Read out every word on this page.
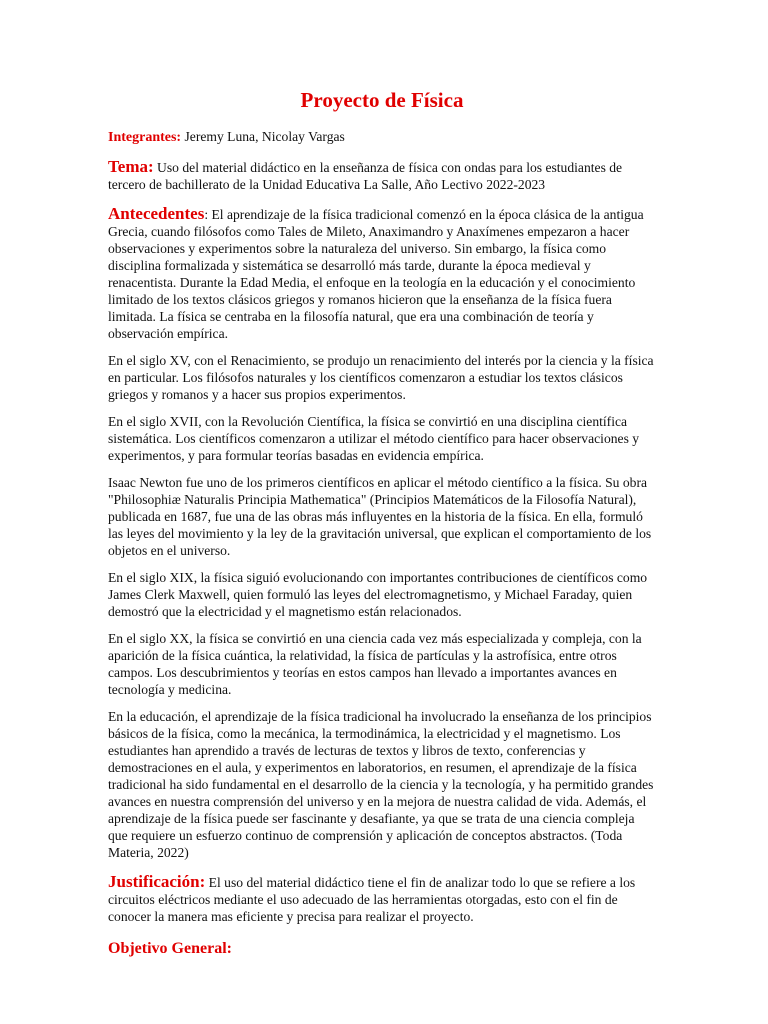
Proyecto de Física

Integrantes: Jeremy Luna, Nicolay Vargas

Tema: Uso del material didáctico en la enseñanza de física con ondas para los estudiantes de tercero de bachillerato de la Unidad Educativa La Salle, Año Lectivo 2022-2023

Antecedentes: El aprendizaje de la física tradicional comenzó en la época clásica de la antigua Grecia, cuando filósofos como Tales de Mileto, Anaximandro y Anaxímenes empezaron a hacer observaciones y experimentos sobre la naturaleza del universo. Sin embargo, la física como disciplina formalizada y sistemática se desarrolló más tarde, durante la época medieval y renacentista. Durante la Edad Media, el enfoque en la teología en la educación y el conocimiento limitado de los textos clásicos griegos y romanos hicieron que la enseñanza de la física fuera limitada. La física se centraba en la filosofía natural, que era una combinación de teoría y observación empírica.

En el siglo XV, con el Renacimiento, se produjo un renacimiento del interés por la ciencia y la física en particular. Los filósofos naturales y los científicos comenzaron a estudiar los textos clásicos griegos y romanos y a hacer sus propios experimentos.

En el siglo XVII, con la Revolución Científica, la física se convirtió en una disciplina científica sistemática. Los científicos comenzaron a utilizar el método científico para hacer observaciones y experimentos, y para formular teorías basadas en evidencia empírica.

Isaac Newton fue uno de los primeros científicos en aplicar el método científico a la física. Su obra "Philosophiæ Naturalis Principia Mathematica" (Principios Matemáticos de la Filosofía Natural), publicada en 1687, fue una de las obras más influyentes en la historia de la física. En ella, formuló las leyes del movimiento y la ley de la gravitación universal, que explican el comportamiento de los objetos en el universo.

En el siglo XIX, la física siguió evolucionando con importantes contribuciones de científicos como James Clerk Maxwell, quien formuló las leyes del electromagnetismo, y Michael Faraday, quien demostró que la electricidad y el magnetismo están relacionados.

En el siglo XX, la física se convirtió en una ciencia cada vez más especializada y compleja, con la aparición de la física cuántica, la relatividad, la física de partículas y la astrofísica, entre otros campos. Los descubrimientos y teorías en estos campos han llevado a importantes avances en tecnología y medicina.

En la educación, el aprendizaje de la física tradicional ha involucrado la enseñanza de los principios básicos de la física, como la mecánica, la termodinámica, la electricidad y el magnetismo. Los estudiantes han aprendido a través de lecturas de textos y libros de texto, conferencias y demostraciones en el aula, y experimentos en laboratorios, en resumen, el aprendizaje de la física tradicional ha sido fundamental en el desarrollo de la ciencia y la tecnología, y ha permitido grandes avances en nuestra comprensión del universo y en la mejora de nuestra calidad de vida. Además, el aprendizaje de la física puede ser fascinante y desafiante, ya que se trata de una ciencia compleja que requiere un esfuerzo continuo de comprensión y aplicación de conceptos abstractos. (Toda Materia, 2022)

Justificación: El uso del material didáctico tiene el fin de analizar todo lo que se refiere a los circuitos eléctricos mediante el uso adecuado de las herramientas otorgadas, esto con el fin de conocer la manera mas eficiente y precisa para realizar el proyecto.

Objetivo General:
